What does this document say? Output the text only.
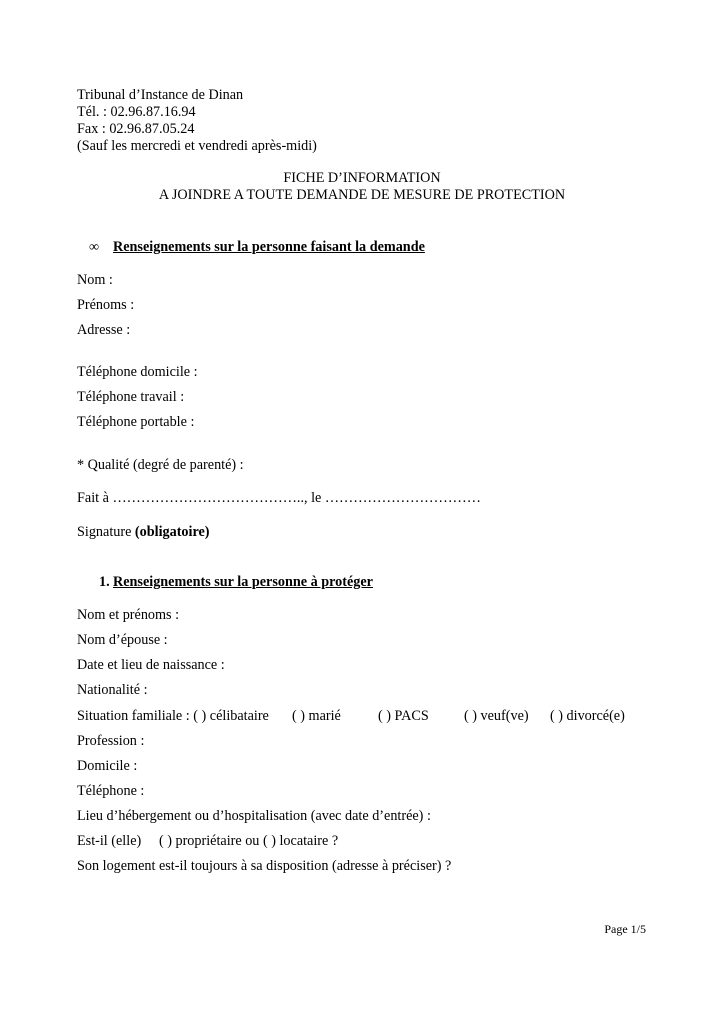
Tribunal d’Instance de Dinan
Tél. : 02.96.87.16.94
Fax : 02.96.87.05.24
(Sauf les mercredi et vendredi après-midi)
FICHE D’INFORMATION
A JOINDRE A TOUTE DEMANDE DE MESURE DE PROTECTION
∞ Renseignements sur la personne faisant la demande
Nom :
Prénoms :
Adresse :
Téléphone domicile :
Téléphone travail :
Téléphone portable :
* Qualité (degré de parenté) :
Fait à ………………………………….., le ……………………………
Signature (obligatoire)
1. Renseignements sur la personne à protéger
Nom et prénoms :
Nom d’épouse :
Date et lieu de naissance :
Nationalité :
Situation familiale : ( ) célibataire ( ) marié	( ) PACS ( ) veuf(ve) ( ) divorcé(e)
Profession :
Domicile :
Téléphone :
Lieu d’hébergement ou d’hospitalisation (avec date d’entrée) :
Est-il (elle)     ( ) propriétaire ou ( ) locataire ?
Son logement est-il toujours à sa disposition (adresse à préciser) ?
Page 1/5
